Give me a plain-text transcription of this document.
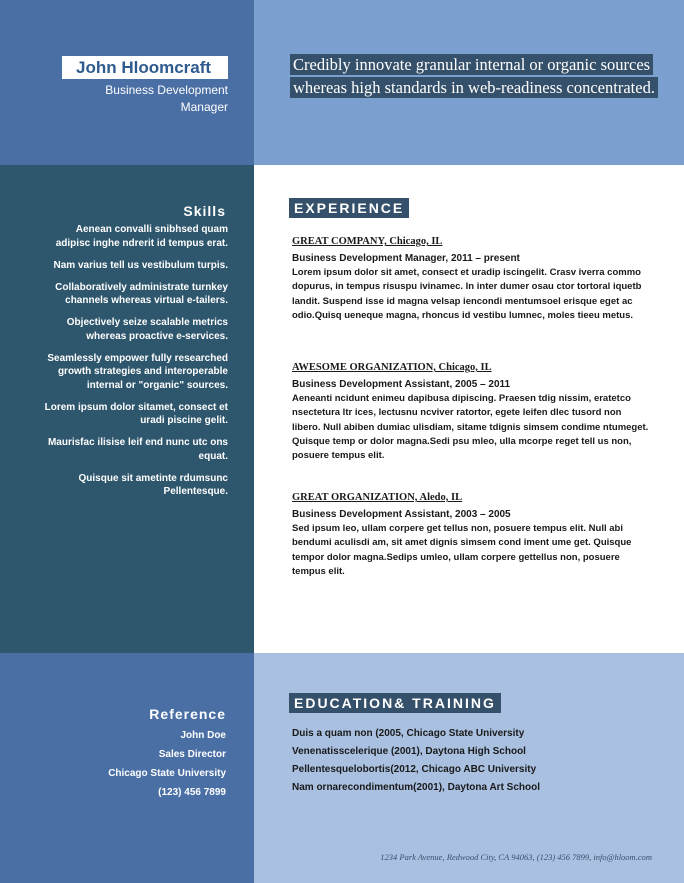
John Hloomcraft
Business Development
Manager
Credibly innovate granular internal or organic sources whereas high standards in web-readiness concentrated.
Skills
Aenean convalli snibhsed quam adipisc inghe ndrerit id tempus erat.
Nam varius tell us vestibulum turpis.
Collaboratively administrate turnkey channels whereas virtual e-tailers.
Objectively seize scalable metrics whereas proactive e-services.
Seamlessly empower fully researched growth strategies and interoperable internal or "organic" sources.
Lorem ipsum dolor sitamet, consect et uradi piscine gelit.
Maurisfac ilisise leif end nunc utc ons equat.
Quisque sit ametinte rdumsunc Pellentesque.
EXPERIENCE
GREAT COMPANY, Chicago, IL
Business Development Manager, 2011 – present
Lorem ipsum dolor sit amet, consect et uradip iscingelit. Crasv iverra commo dopurus, in tempus risuspu ivinamec. In inter dumer osau ctor tortoral iquetb landit. Suspend isse id magna velsap iencondi mentumsoel erisque eget ac odio.Quisq ueneque magna, rhoncus id vestibu lumnec, moles tieeu metus.
AWESOME ORGANIZATION, Chicago, IL
Business Development Assistant, 2005 – 2011
Aeneanti ncidunt enimeu dapibusa dipiscing. Praesen tdig nissim, eratetco nsectetura ltr ices, lectusnu ncviver ratortor, egete leifen dlec tusord non libero. Null abiben dumiac ulisdiam, sitame tdignis simsem condime ntumeget. Quisque temp or dolor magna.Sedi psu mleo, ulla mcorpe reget tell us non, posuere tempus elit.
GREAT ORGANIZATION, Aledo, IL
Business Development Assistant, 2003 – 2005
Sed ipsum leo, ullam corpere get tellus non, posuere tempus elit. Null abi bendumi aculisdi am, sit amet dignis simsem cond iment ume get. Quisque tempor dolor magna.Sedips umleo, ullam corpere gettellus non, posuere tempus elit.
Reference
John Doe
Sales Director
Chicago State University
(123) 456 7899
EDUCATION& TRAINING
Duis a quam non (2005, Chicago State University
Venenatisscelerique (2001), Daytona High School
Pellentesquelobortis(2012, Chicago ABC University
Nam ornarecondimentum(2001), Daytona Art School
1234 Park Avenue, Redwood City, CA 94063, (123) 456 7899, info@hloom.com
